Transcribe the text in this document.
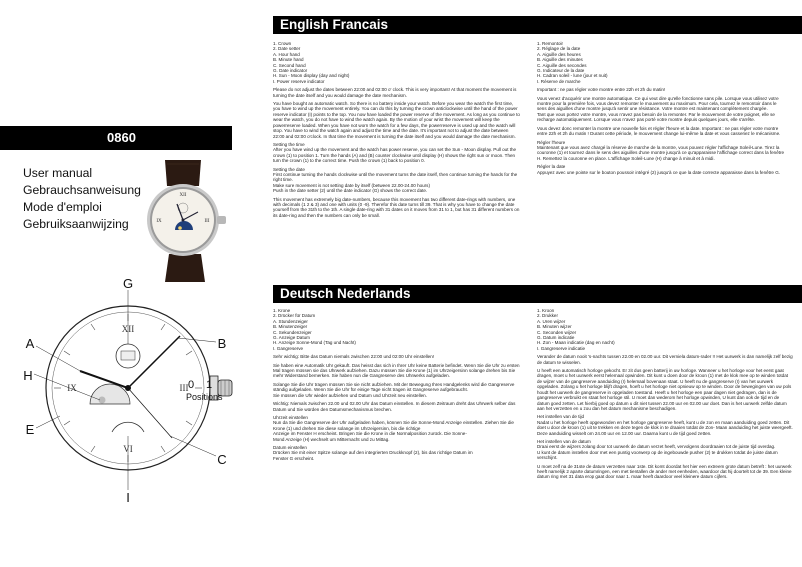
0860
User manual
Gebrauchsanweisung
Mode d'emploi
Gebruiksaanwijzing
XII
III
IX
XII
III
VI
IX
G
A	B
H
C
E
I
0 1
Positions
English Francais

1. Crown
2. Date setter
A. Hour hand
B. Minute hand
C. Second hand
G. Date indicator
H. Sun - Moon display (day and night)
I. Power reserve indicator

Please do not adjust the dates between 22:00 and 02:00 o' clock. This is very important! At that moment the movement is turning the date itself and you would damage the date mechanism.

You have bought an automatic watch. So there is no battery inside your watch. Before you wear the watch the first time, you have to wind up the movement entirely. You can do this by turning the crown anticlockwise until the hand of the power reserve indicator (I) points to the top. You now have loaded the power reserve of the movement. As long as you continue to wear the watch, you do not have to wind the watch again. By the motion of your wrist the movement will keep the powerreserve loaded. When you have not worn the watch for a few days, the powerreserve is used up and the watch will stop. You have to wind the watch again and adjust the time and the date. It's important not to adjust the date between 22:00 and 02:00 o'clock. In that time the movement is turning the date itself and you would damage the date mechanism.

Setting the time
After you have wind up the movement and the watch has power reserve, you can set the Sun - Moon display. Pull out the crown (1) to position 1. Turn the hands (A) and (B) counter clockwise until display (H) shows the right sun or moon. Then turn the crown (1) to the correct time. Push the crown (1) back to position 0.

Setting the date
First continue turning the hands clockwise until the movement turns the date itself, then continue turning the hands for the right time.
Make sure movement is not setting date by itself (between 22.00-24.00 hours)
Push in the date setter (2) until the date indicator (G) shows the correct date.

This movement has extremely big date-numbers, because this movement has two different date-rings with numbers, one with decimals (1 2 & 3) and one with units (0 -9). Therefor this date turns till 39. That is why you have to change the date yourself from the 31th to the 1th. A single date-ring with 31 dates on it moves from 31 to 1, but has 31 different numbers on its date-ring and then the numbers can only be small.

1. Remontoir
2. Réglage de la date
A. Aiguille des heures
B. Aiguille des minutes
C. Aiguille des secondes
G. Indicateur de la date
H. Cadran soleil - lune (jour et nuit)
I. Réserve de marche

Important : ne pas régler votre montre entre 22h et 2h du matin!

Vous venez d'acquérir une montre automatique. Ce qui veut dire qu'elle fonctionne sans pile. Lorsque vous utilisez votre montre pour la première fois, vous devez remonter le mouvement au maximum. Pour cela, tournez le remontoir dans le sens des aiguilles d'une montre jusqu'à sentir une résistance. Votre montre est maintenant complètement chargée.
Tant que vous portez votre montre, vous n'avez pas besoin de la remonter. Par le mouvement de votre poignet, elle se recharge automatiquement. Lorsque vous n'avez pas porté votre montre depuis quelques jours, elle s'arrête.

Vous devez donc remonter la montre une nouvelle fois et régler l'heure et la date. Important : ne pas régler votre montre entre 22h et 2h du matin ! Durant cette période, le mouvement change lui-même la date et vous casseriez le mécanisme.

Régler l'heure
Maintenant que vous avez chargé la réserve de marche de la montre, vous pouvez régler l'affichage Soleil-Lune. Tirez la couronne (1) et tournez dans le sens des aiguilles d'une montre jusqu'à ce qu'apparaisse l'affichage correct dans la fenêtre H. Remettez la couronne en place. L'affichage Soleil-Lune (H) change à minuit et à midi.

Régler la date
Appuyez avec une pointe sur le bouton poussoir intégré (2) jusqu'à ce que la date correcte apparaisse dans la fenêtre G.

Deutsch Nederlands

1. Krone
2. Drücker für Datum
A. Stundenzeiger
B. Minutenzeiger
C. Sekundenzeiger
G. Anzeige Datum
H. Anzeige Sonne-Mond (Tag und Nacht)
I. Gangreserve

Sehr wichtig: Bitte das Datum niemals zwischen 22:00 und 02:00 Uhr einstellen!

Sie haben eine Automatik Uhr gekauft. Das heisst das sich in Ihrer Uhr keine Batterie befindet. Wenn Sie die Uhr zu ersten Mal tragen müssen sie das Uhrwerk aufziehen. Dazu müssen Sie die Krone (1) im Uhrzeigersinn solange drehen bis Sie mehr Widerstand bemerken. Sie haben nun die Gangreserve des Uhrwerks aufgeladen.

Solange Sie die Uhr tragen müssen Sie sie nicht aufziehen. Mit der Bewegung Ihres Handgelenks wird die Gangreserve ständig aufgeladen. Wenn Sie die Uhr für einige Tage nicht tragen ist Gangreserve aufgebraucht.
Sie müssen die Uhr wieder aufziehen und Datum und Uhrzeit neu einstellen.

Wichtig: Niemals zwischen 22.00 und 02.00 Uhr das Datum einstellen. In diesem Zeitraum dreht das Uhrwerk selber das Datum und Sie würden den Datumsmechanismus brechen.

Uhrzeit einstellen
Nun da Sie die Gangreserve der Uhr aufgeladen haben, können Sie die Sonne-Mond Anzeige einstellen. Ziehen Sie die Krone (1) und drehen Sie diese solange im Uhrzeigersinn, bis die richtige
Anzeige im Fenster H erscheint. Bringen Sie die Krone in die Normalposition zurück. Die Sonne-
Mond Anzeige (H) wechselt um Mitternacht und zu Mittag.

Datum einstellen
Drücken Sie mit einer Spitze solange auf den integrierten Druckknopf (2), bis das richtige Datum im
Fenster G erscheint.

1. Kroon
2. Drukker
A. Uren wijzer
B. Minuten wijzer
C. Seconden wijzer
G. Datum indicatie
H. Zon - Maan indicatie (dag en nacht)
I. Gangreserve indicatie

Verander de datum nooit 's-nachts tussen 22.00 en 02.00 uur. Dit verniela datum-rader !! Het uurwerk is dan namelijk zelf bezig de datum te wisselen.

U heeft een automatisch horloge gekocht. Er zit dus geen batterij in uw horloge. Wanneer u het horloge voor het eerst gaat dragen, moet u het uurwerk eerst helemaal opwinden. Dit kunt u doen door de kroon (1) met de klok mee op te winden totdat de wijzer van de gangreserve aanduiding (I) helemaal bovenaan staat. U heeft nu de gangreserve (I) van het uurwerk opgeladen. Zolang u het horloge blijft dragen, hoeft u het horloge niet opnieuw op te winden. Door de bewegingen van uw pols houdt het uurwerk de gangreserve in opgeladen toestand. Heeft u het horloge een paar dagen niet gedragen, dan is de gangreserve verbruikt en staat het horloge stil. U moet dan wederom het horloge opwinden, U kunt dan ook de tijd en de datum goed zetten. Let hierbij goed op datum u dit niet tussen 22.00 uur en 02.00 uur doet. Dan is het uurwerk zelfde datum aan het verzetten en u zou dan het datum mechanisme beschadigen.

Het instellen van de tijd
Nadat u het horloge heeft opgewonden en het horloge gangreserve heeft, kunt u de zon en maan aanduiding goed zetten. Dit doet u door de kroon (1) uit te trekken en deze tegen de klok in te draaien totdat de Zon- Maan aanduiding het juiste weergeeft. Deze aanduiding wisselt om 24.00 uur en 12.00 uur. Daarna kunt u de tijd goed zetten.

Het instellen van de datum
Draai eerst de wijzers zolang door tot uurwerk de datum verzet heeft, vervolgens doordraaien tot de juiste tijd overdag.
U kunt de datum instellen door met een puntig voorwerp op de ingebouwde pusher (2) te drukken totdat de juiste datum verschijnt.

U moet zelf na de 31ste de datum verzetten naar 1ste. Dit komt doordat het hier een extreem grote datum betreft : het uurwerk heeft namelijk 2 aparte datumringen, een met tientallen de ander met eenheden, waardoor dat hij doortelt tot de 39. Een kleine datum ring met 31 data erop gaat door naar 1. maar heeft daardoor veel kleinere datum cijfers.
